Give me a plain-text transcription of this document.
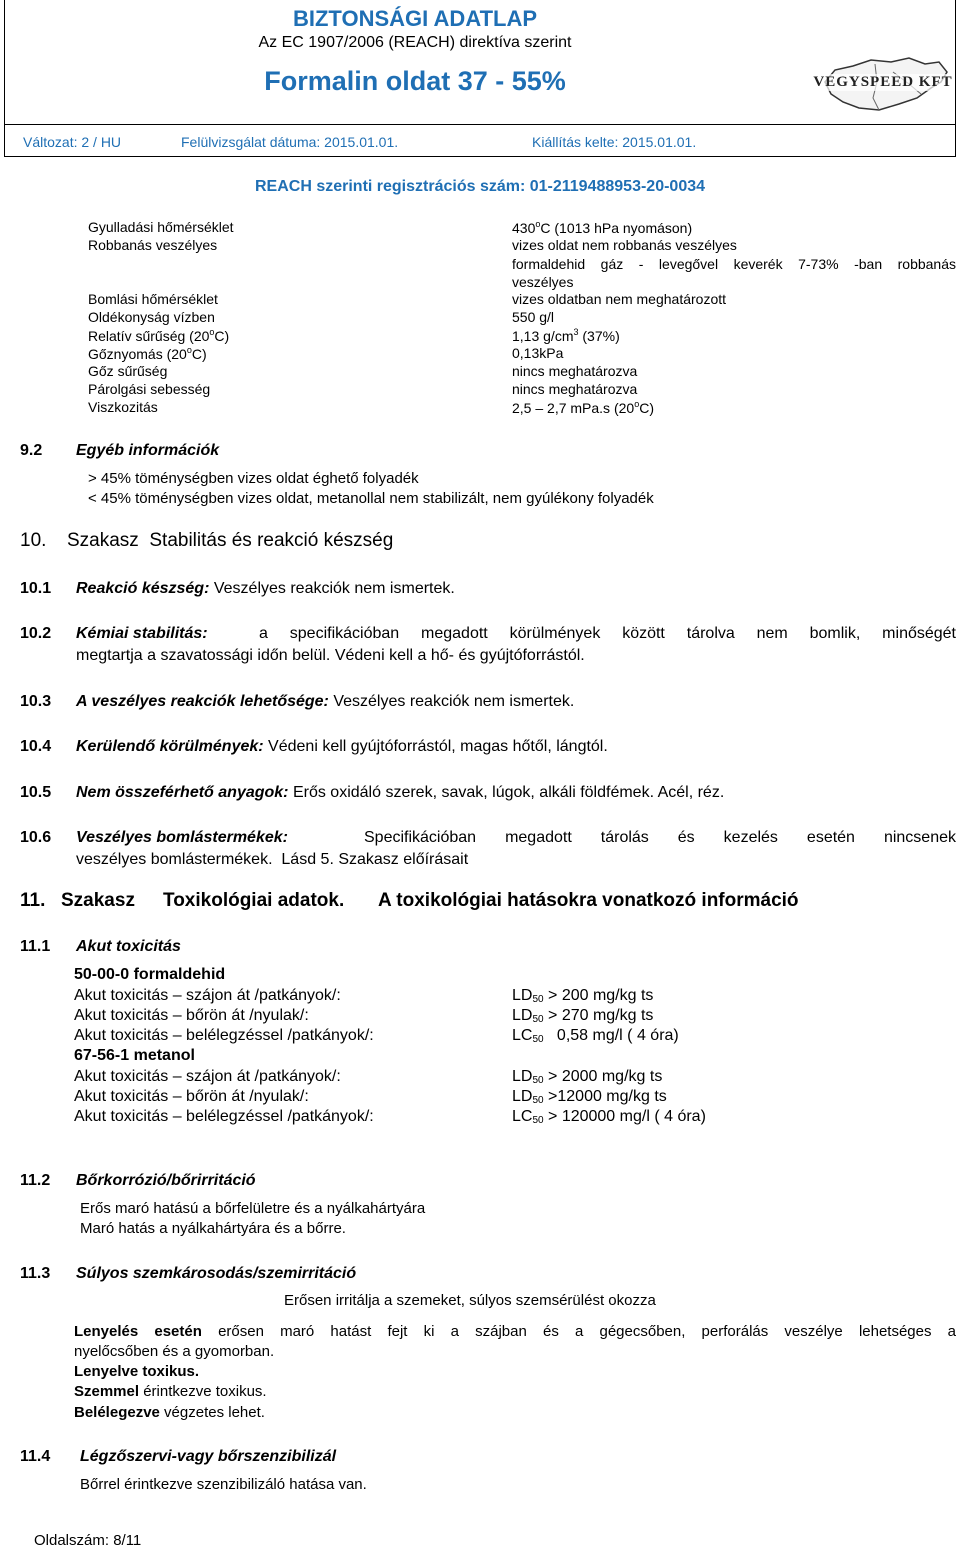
BIZTONSÁGI ADATLAP
Az EC 1907/2006 (REACH) direktíva szerint
Formalin oldat 37 - 55%	VEGYSPEED KFT
Változat: 2 / HU	Felülvizsgálat dátuma: 2015.01.01.	Kiállítás kelte: 2015.01.01.
REACH szerinti regisztrációs szám: 01-2119488953-20-0034
Gyulladási hőmérséklet	430$^o$C (1013 hPa nyomáson)
Robbanás veszélyes	vizes oldat nem robbanás veszélyes
formaldehid gáz - levegővel keverék 7-73% -ban robbanás
veszélyes
Bomlási hőmérséklet	vizes oldatban nem meghatározott
Oldékonyság vízben	550 g/l
Relatív sűrűség (20$^o$C)	1,13 $g/cm^3$ (37%)
Gőznyomás (20$^o$C)	0,13kPa
Gőz sűrűség	nincs meghatározva
Párolgási sebesség	nincs meghatározva
Viszkozitás	2,5 – 2,7 mPa.s (20$^o$C)
9.2 Egyéb információk
> 45% töménységben vizes oldat éghető folyadék
< 45% töménységben vizes oldat, metanollal nem stabilizált, nem gyúlékony folyadék
10. Szakasz  Stabilitás és reakció készség
10.1 Reakció készség: Veszélyes reakciók nem ismertek.
10.2 Kémiai stabilitás:	a specifikációban megadott körülmények között tárolva nem bomlik, minőségét
megtartja a szavatossági időn belül. Védeni kell a hő- és gyújtóforrástól.
10.3 A veszélyes reakciók lehetősége: Veszélyes reakciók nem ismertek.
10.4 Kerülendő körülmények: Védeni kell gyújtóforrástól, magas hőtől, lángtól.
10.5 Nem összeférhető anyagok: Erős oxidáló szerek, savak, lúgok, alkáli földfémek. Acél, réz.
10.6 Veszélyes bomlástermékek:	Specifikációban megadott tárolás és kezelés esetén nincsenek
veszélyes bomlástermékek.  Lásd 5. Szakasz előírásait
11. Szakasz Toxikológiai adatok. A toxikológiai hatásokra vonatkozó információ
11.1 Akut toxicitás
50-00-0 formaldehid
Akut toxicitás – szájon át /patkányok/:	$LD_{50} > 200$ mg/kg ts
Akut toxicitás – bőrön át /nyulak/:	$LD_{50} > 270$ mg/kg ts
Akut toxicitás – belélegzéssel /patkányok/:	$LC_{50}$   0,58 mg/l ( 4 óra)
67-56-1 metanol
Akut toxicitás – szájon át /patkányok/:	$LD_{50} > 2000$ mg/kg ts
Akut toxicitás – bőrön át /nyulak/:	$LD_{50} >12000$ mg/kg ts
Akut toxicitás – belélegzéssel /patkányok/:	$LC_{50} > 120000$ mg/l ( 4 óra)
11.2 Bőrkorrózió/bőrirritáció
Erős maró hatású a bőrfelületre és a nyálkahártyára
Maró hatás a nyálkahártyára és a bőrre.
11.3 Súlyos szemkárosodás/szemirritáció
Erősen irritálja a szemeket, súlyos szemsérülést okozza
Lenyelés esetén erősen maró hatást fejt ki a szájban és a gégecsőben, perforálás veszélye lehetséges a
nyelőcsőben és a gyomorban.
Lenyelve toxikus.
Szemmel érintkezve toxikus.
Belélegezve végzetes lehet.
11.4 Légzőszervi-vagy bőrszenzibilizál
Bőrrel érintkezve szenzibilizáló hatása van.
Oldalszám: 8/11
